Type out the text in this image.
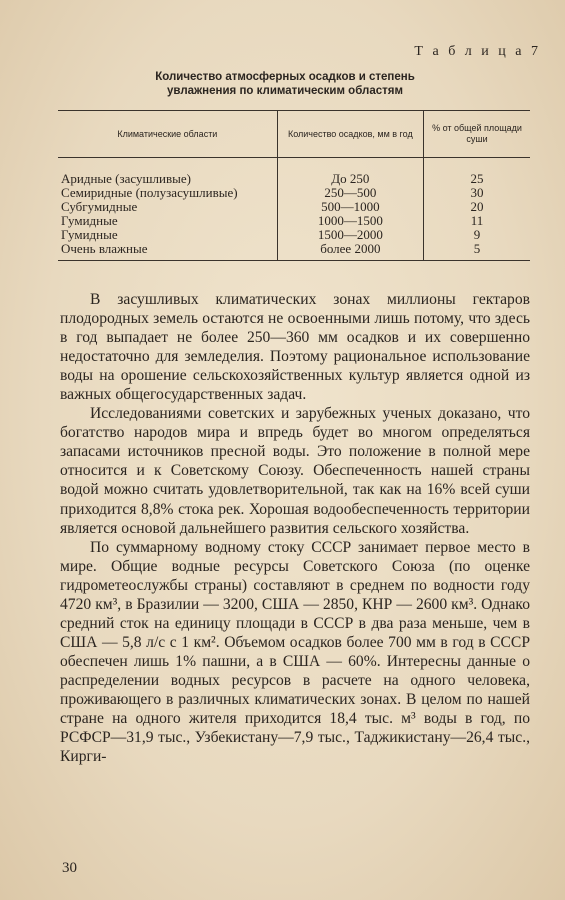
Т а б л и ц а 7
Количество атмосферных осадков и степень
увлажнения по климатическим областям
Климатические области	Количество осадков, мм в год	% от общей площади суши

Аридные (засушливые)	До 250	25
Семиридные (полузасушливые)	250—500	30
Субгумидные	500—1000	20
Гумидные	1000—1500	11
Гумидные	1500—2000	9
Очень влажные	более 2000	5

В засушливых климатических зонах миллионы гектаров плодородных земель остаются не освоенными лишь потому, что здесь в год выпадает не более 250—360 мм осадков и их совершенно недостаточно для земледелия. Поэтому рациональное использование воды на орошение сельскохозяйственных культур является одной из важных общегосударственных задач.

Исследованиями советских и зарубежных ученых доказано, что богатство народов мира и впредь будет во многом определяться запасами источников пресной воды. Это положение в полной мере относится и к Советскому Союзу. Обеспеченность нашей страны водой можно считать удовлетворительной, так как на 16% всей суши приходится 8,8% стока рек. Хорошая водообеспеченность территории является основой дальнейшего развития сельского хозяйства.

По суммарному водному стоку СССР занимает первое место в мире. Общие водные ресурсы Советского Союза (по оценке гидрометеослужбы страны) составляют в среднем по водности году 4720 км³, в Бразилии — 3200, США — 2850, КНР — 2600 км³. Однако средний сток на единицу площади в СССР в два раза меньше, чем в США — 5,8 л/с с 1 км². Объемом осадков более 700 мм в год в СССР обеспечен лишь 1% пашни, а в США — 60%. Интересны данные о распределении водных ресурсов в расчете на одного человека, проживающего в различных климатических зонах. В целом по нашей стране на одного жителя приходится 18,4 тыс. м³ воды в год, по РСФСР—31,9 тыс., Узбекистану—7,9 тыс., Таджикистану—26,4 тыс., Кирги-

30
